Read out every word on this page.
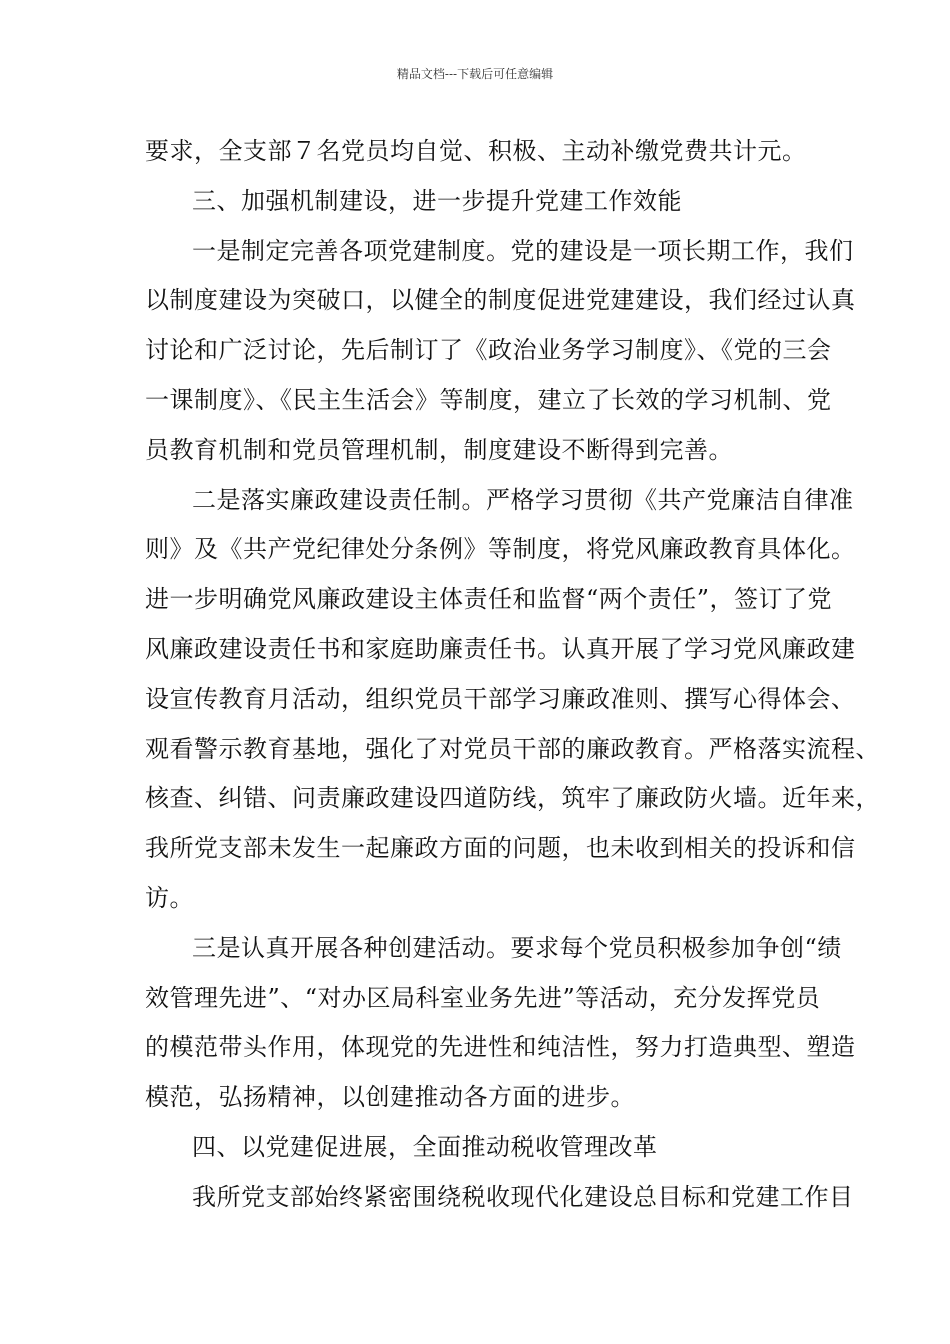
精品文档---下载后可任意编辑
要求，全支部７名党员均自觉、积极、主动补缴党费共计元。
三、加强机制建设，进一步提升党建工作效能
一是制定完善各项党建制度。党的建设是一项长期工作，我们
以制度建设为突破口，以健全的制度促进党建建设，我们经过认真
讨论和广泛讨论，先后制订了《政治业务学习制度》、《党的三会
一课制度》、《民主生活会》等制度，建立了长效的学习机制、党
员教育机制和党员管理机制，制度建设不断得到完善。
二是落实廉政建设责任制。严格学习贯彻《共产党廉洁自律准
则》及《共产党纪律处分条例》等制度，将党风廉政教育具体化。
进一步明确党风廉政建设主体责任和监督“两个责任”，签订了党
风廉政建设责任书和家庭助廉责任书。认真开展了学习党风廉政建
设宣传教育月活动，组织党员干部学习廉政准则、撰写心得体会、
观看警示教育基地，强化了对党员干部的廉政教育。严格落实流程、
核查、纠错、问责廉政建设四道防线，筑牢了廉政防火墙。近年来，
我所党支部未发生一起廉政方面的问题，也未收到相关的投诉和信
访。
三是认真开展各种创建活动。要求每个党员积极参加争创“绩
效管理先进”、“对办区局科室业务先进”等活动，充分发挥党员
的模范带头作用，体现党的先进性和纯洁性，努力打造典型、塑造
模范，弘扬精神，以创建推动各方面的进步。
四、以党建促进展，全面推动税收管理改革
我所党支部始终紧密围绕税收现代化建设总目标和党建工作目
